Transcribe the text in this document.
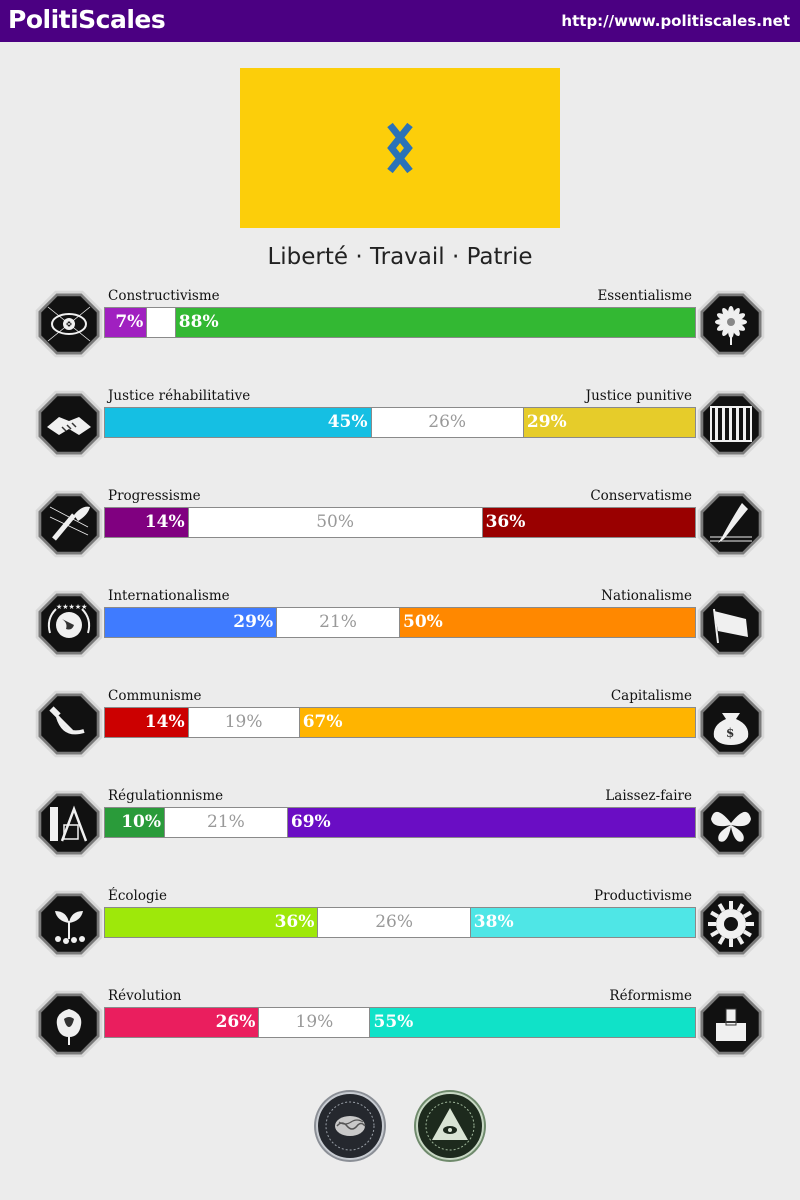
PolitiScales	http://www.politiscales.net
Liberté · Travail · Patrie
Constructivisme	Essentialisme
7% 88%
Justice réhabilitative	Justice punitive
45%	26%	29%
Progressisme	Conservatisme
14%	50%	36%
★★★★★
Internationalisme	Nationalisme
29%	21%	50%
Communisme	Capitalisme
14%	19%	67%
$
Régulationnisme	Laissez-faire
10%	21%	69%
Écologie	Productivisme
36%	26%	38%
Révolution	Réformisme
26%	19%	55%
